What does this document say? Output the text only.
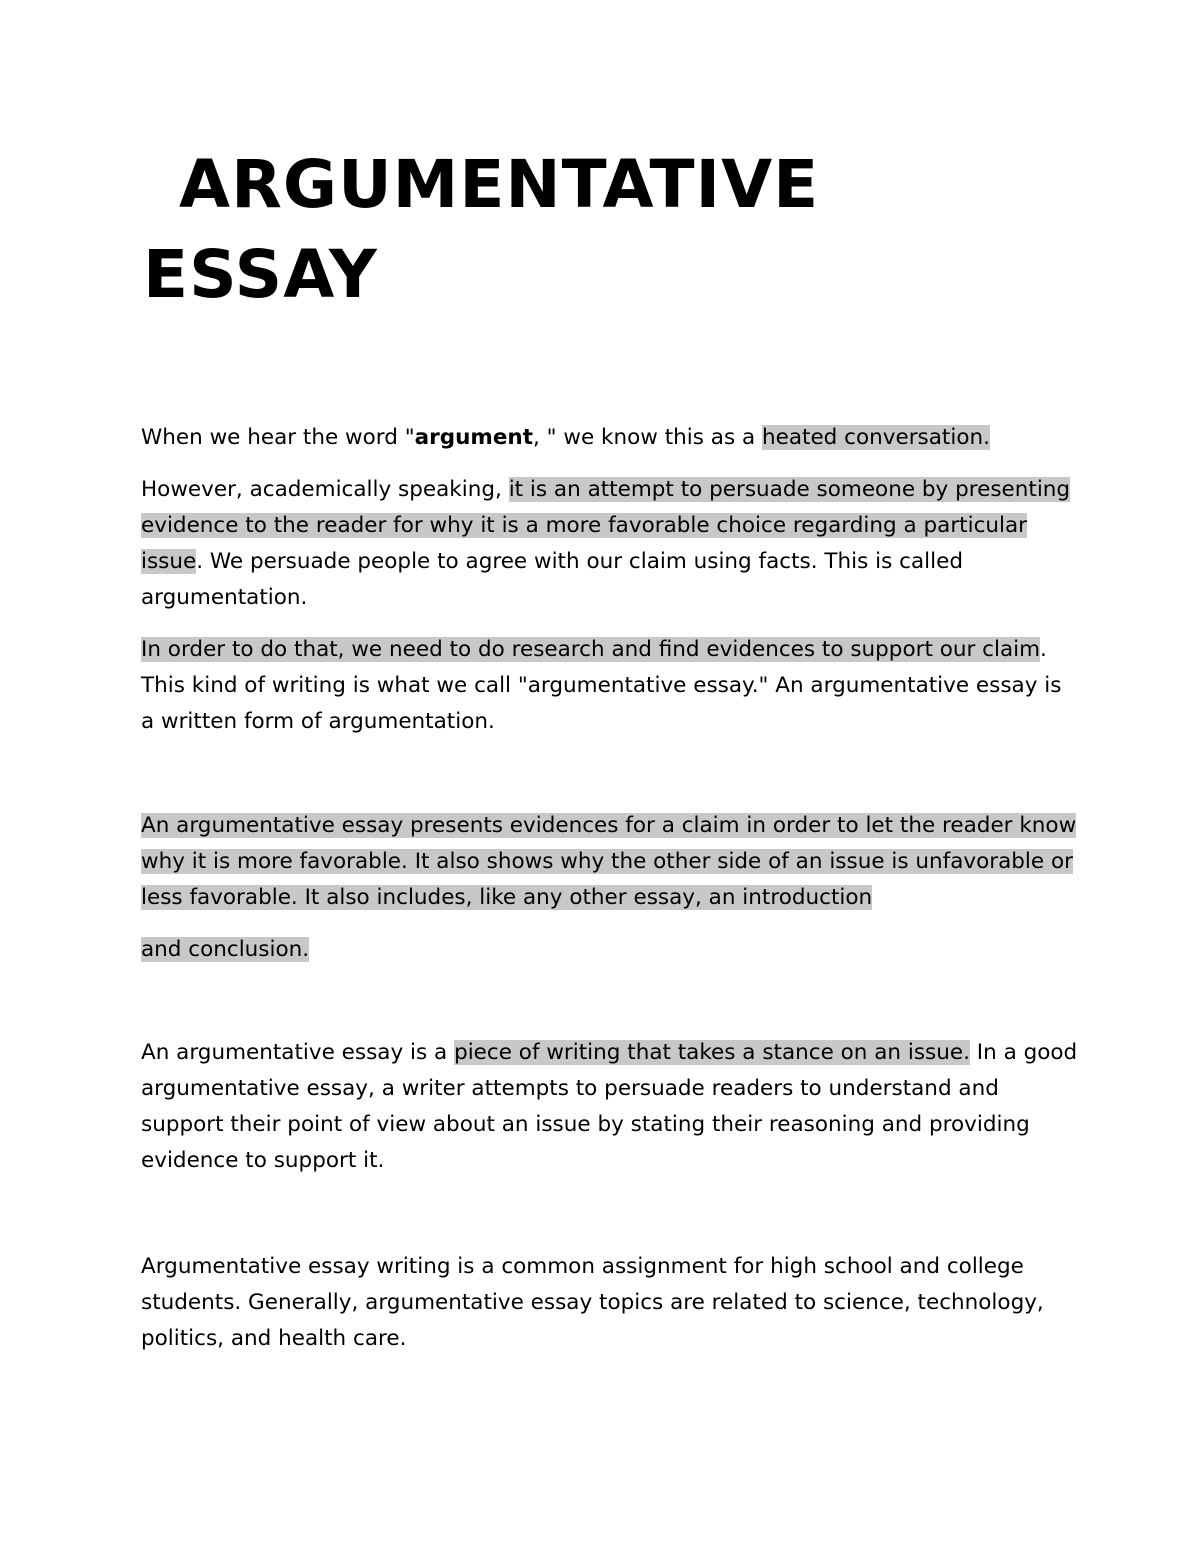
ARGUMENTATIVE
ESSAY

When we hear the word "argument, " we know this as a heated conversation.

However, academically speaking, it is an attempt to persuade someone by presenting evidence to the reader for why it is a more favorable choice regarding a particular issue. We persuade people to agree with our claim using facts. This is called argumentation.

In order to do that, we need to do research and find evidences to support our claim. This kind of writing is what we call "argumentative essay." An argumentative essay is a written form of argumentation.

An argumentative essay presents evidences for a claim in order to let the reader know why it is more favorable. It also shows why the other side of an issue is unfavorable or less favorable. It also includes, like any other essay, an introduction

and conclusion.

An argumentative essay is a piece of writing that takes a stance on an issue. In a good argumentative essay, a writer attempts to persuade readers to understand and support their point of view about an issue by stating their reasoning and providing evidence to support it.

Argumentative essay writing is a common assignment for high school and college students. Generally, argumentative essay topics are related to science, technology, politics, and health care.
